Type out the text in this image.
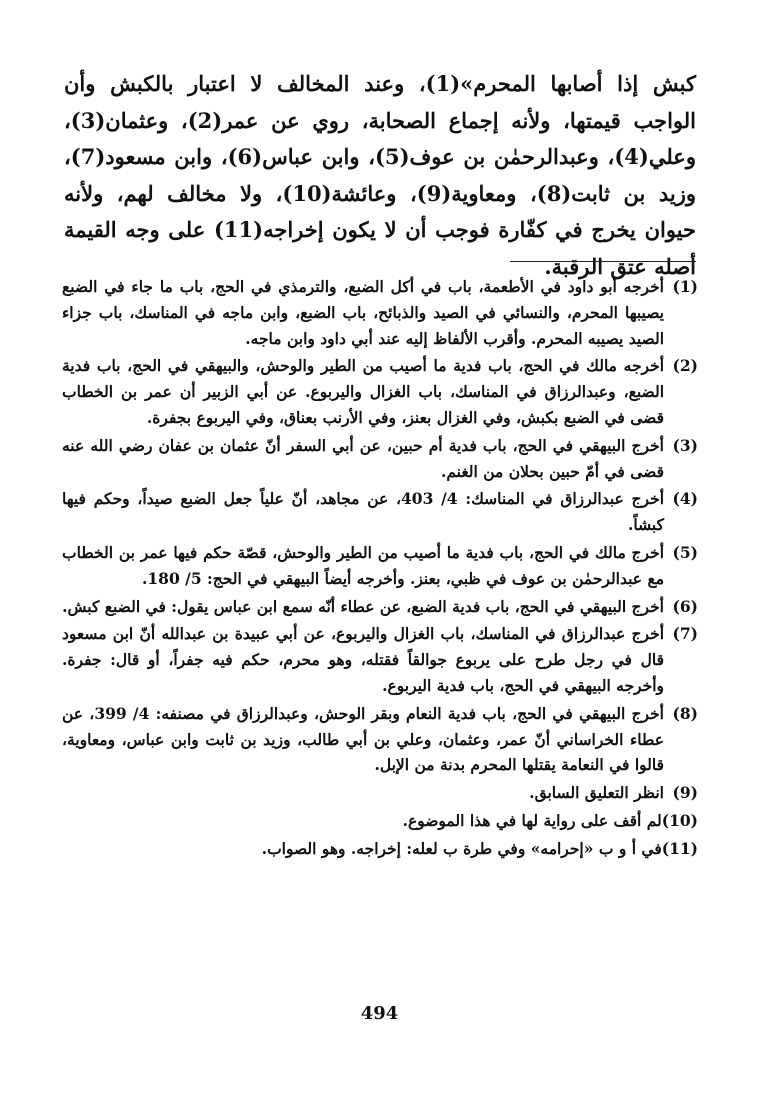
كبش إذا أصابها المحرم»(1)، وعند المخالف لا اعتبار بالكبش وأن الواجب قيمتها، ولأنه إجماع الصحابة، روي عن عمر(2)، وعثمان(3)، وعلي(4)، وعبدالرحمٰن بن عوف(5)، وابن عباس(6)، وابن مسعود(7)، وزيد بن ثابت(8)، ومعاوية(9)، وعائشة(10)، ولا مخالف لهم، ولأنه حيوان يخرج في كفّارة فوجب أن لا يكون إخراجه(11) على وجه القيمة أصله عتق الرقبة.

(1)
أخرجه أبو داود في الأطعمة، باب في أكل الضبع، والترمذي في الحج، باب ما جاء في الضبع يصيبها المحرم، والنسائي في الصيد والذبائح، باب الضبع، وابن ماجه في المناسك، باب جزاء الصيد يصيبه المحرم. وأقرب الألفاظ إليه عند أبي داود وابن ماجه.
(2)
أخرجه مالك في الحج، باب فدية ما أصيب من الطير والوحش، والبيهقي في الحج، باب فدية الضبع، وعبدالرزاق في المناسك، باب الغزال واليربوع. عن أبي الزبير أن عمر بن الخطاب قضى في الضبع بكبش، وفي الغزال بعنز، وفي الأرنب بعناق، وفي اليربوع بجفرة.
(3)
أخرج البيهقي في الحج، باب فدية أم حبين، عن أبي السفر أنّ عثمان بن عفان رضي الله عنه قضى في أمّ حبين بحلان من الغنم.
(4)
أخرج عبدالرزاق في المناسك: 4/ 403، عن مجاهد، أنّ علياً جعل الضبع صيداً، وحكم فيها كبشاً.
(5)
أخرج مالك في الحج، باب فدية ما أصيب من الطير والوحش، قصّة حكم فيها عمر بن الخطاب مع عبدالرحمٰن بن عوف في ظبي، بعنز. وأخرجه أيضاً البيهقي في الحج: 5/ 180.
(6)
أخرج البيهقي في الحج، باب فدية الضبع، عن عطاء أنّه سمع ابن عباس يقول: في الضبع كبش.
(7)
أخرج عبدالرزاق في المناسك، باب الغزال واليربوع، عن أبي عبيدة بن عبدالله أنّ ابن مسعود قال في رجل طرح على يربوع جوالقاً فقتله، وهو محرم، حكم فيه جفراً، أو قال: جفرة. وأخرجه البيهقي في الحج، باب فدية اليربوع.
(8)
أخرج البيهقي في الحج، باب فدية النعام وبقر الوحش، وعبدالرزاق في مصنفه: 4/ 399، عن عطاء الخراساني أنّ عمر، وعثمان، وعلي بن أبي طالب، وزيد بن ثابت وابن عباس، ومعاوية، قالوا في النعامة يقتلها المحرم بدنة من الإبل.
(9)
انظر التعليق السابق.
(10)
لم أقف على رواية لها في هذا الموضوع.
(11)
في أ و ب «إحرامه» وفي طرة ب لعله: إخراجه. وهو الصواب.
494
